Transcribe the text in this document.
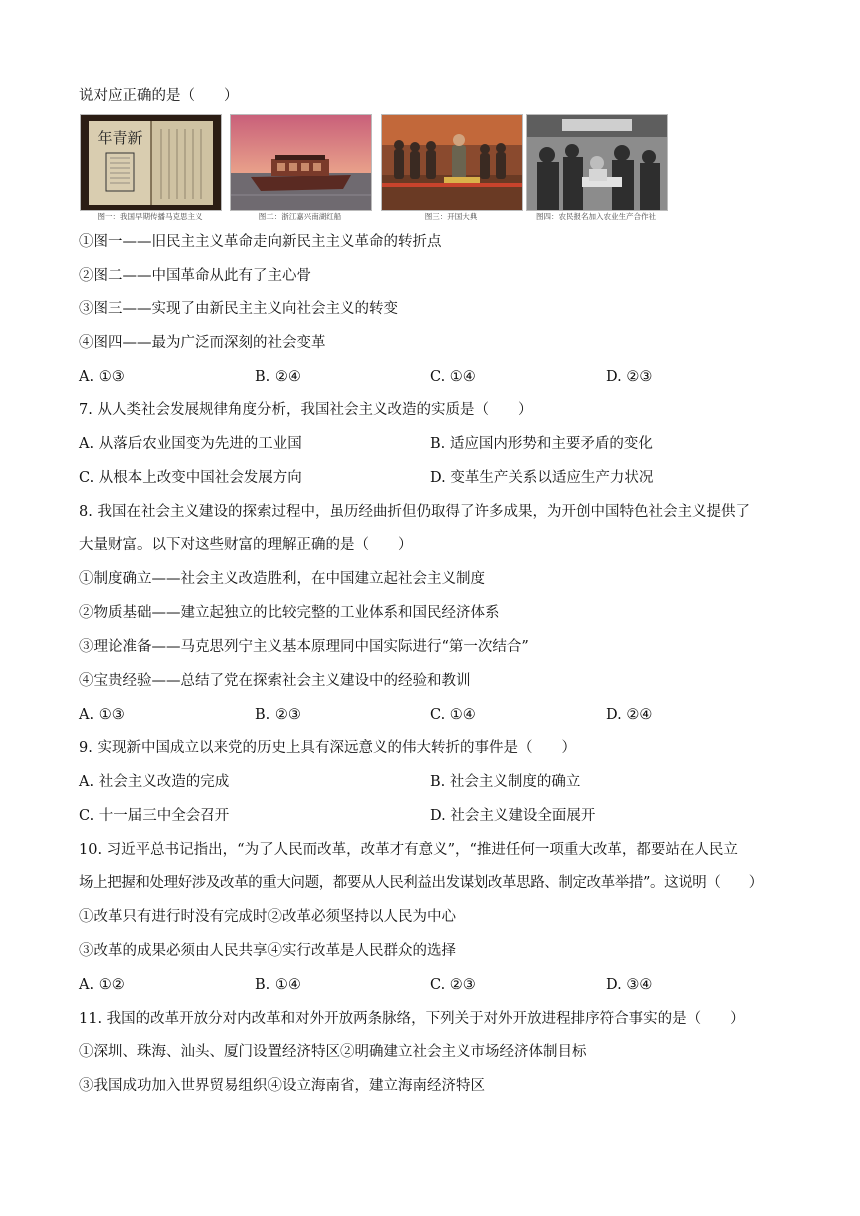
说对应正确的是（　　）
年青新
图一：我国早期传播马克思主义	图二：浙江嘉兴南湖红船	图三：开国大典	图四：农民报名加入农业生产合作社
①图一——旧民主主义革命走向新民主主义革命的转折点
②图二——中国革命从此有了主心骨
③图三——实现了由新民主主义向社会主义的转变
④图四——最为广泛而深刻的社会变革
A. ①③	B. ②④	C. ①④	D. ②③
7. 从人类社会发展规律角度分析，我国社会主义改造的实质是（　　）
A. 从落后农业国变为先进的工业国	B. 适应国内形势和主要矛盾的变化
C. 从根本上改变中国社会发展方向	D. 变革生产关系以适应生产力状况
8. 我国在社会主义建设的探索过程中，虽历经曲折但仍取得了许多成果，为开创中国特色社会主义提供了
大量财富。以下对这些财富的理解正确的是（　　）
①制度确立——社会主义改造胜利，在中国建立起社会主义制度
②物质基础——建立起独立的比较完整的工业体系和国民经济体系
③理论准备——马克思列宁主义基本原理同中国实际进行“第一次结合”
④宝贵经验——总结了党在探索社会主义建设中的经验和教训
A. ①③	B. ②③	C. ①④	D. ②④
9. 实现新中国成立以来党的历史上具有深远意义的伟大转折的事件是（　　）
A. 社会主义改造的完成	B. 社会主义制度的确立
C. 十一届三中全会召开	D. 社会主义建设全面展开
10. 习近平总书记指出，“为了人民而改革，改革才有意义”，“推进任何一项重大改革，都要站在人民立
场上把握和处理好涉及改革的重大问题，都要从人民利益出发谋划改革思路、制定改革举措”。这说明（　　）
①改革只有进行时没有完成时②改革必须坚持以人民为中心
③改革的成果必须由人民共享④实行改革是人民群众的选择
A. ①②	B. ①④	C. ②③	D. ③④
11. 我国的改革开放分对内改革和对外开放两条脉络，下列关于对外开放进程排序符合事实的是（　　）
①深圳、珠海、汕头、厦门设置经济特区②明确建立社会主义市场经济体制目标
③我国成功加入世界贸易组织④设立海南省，建立海南经济特区
